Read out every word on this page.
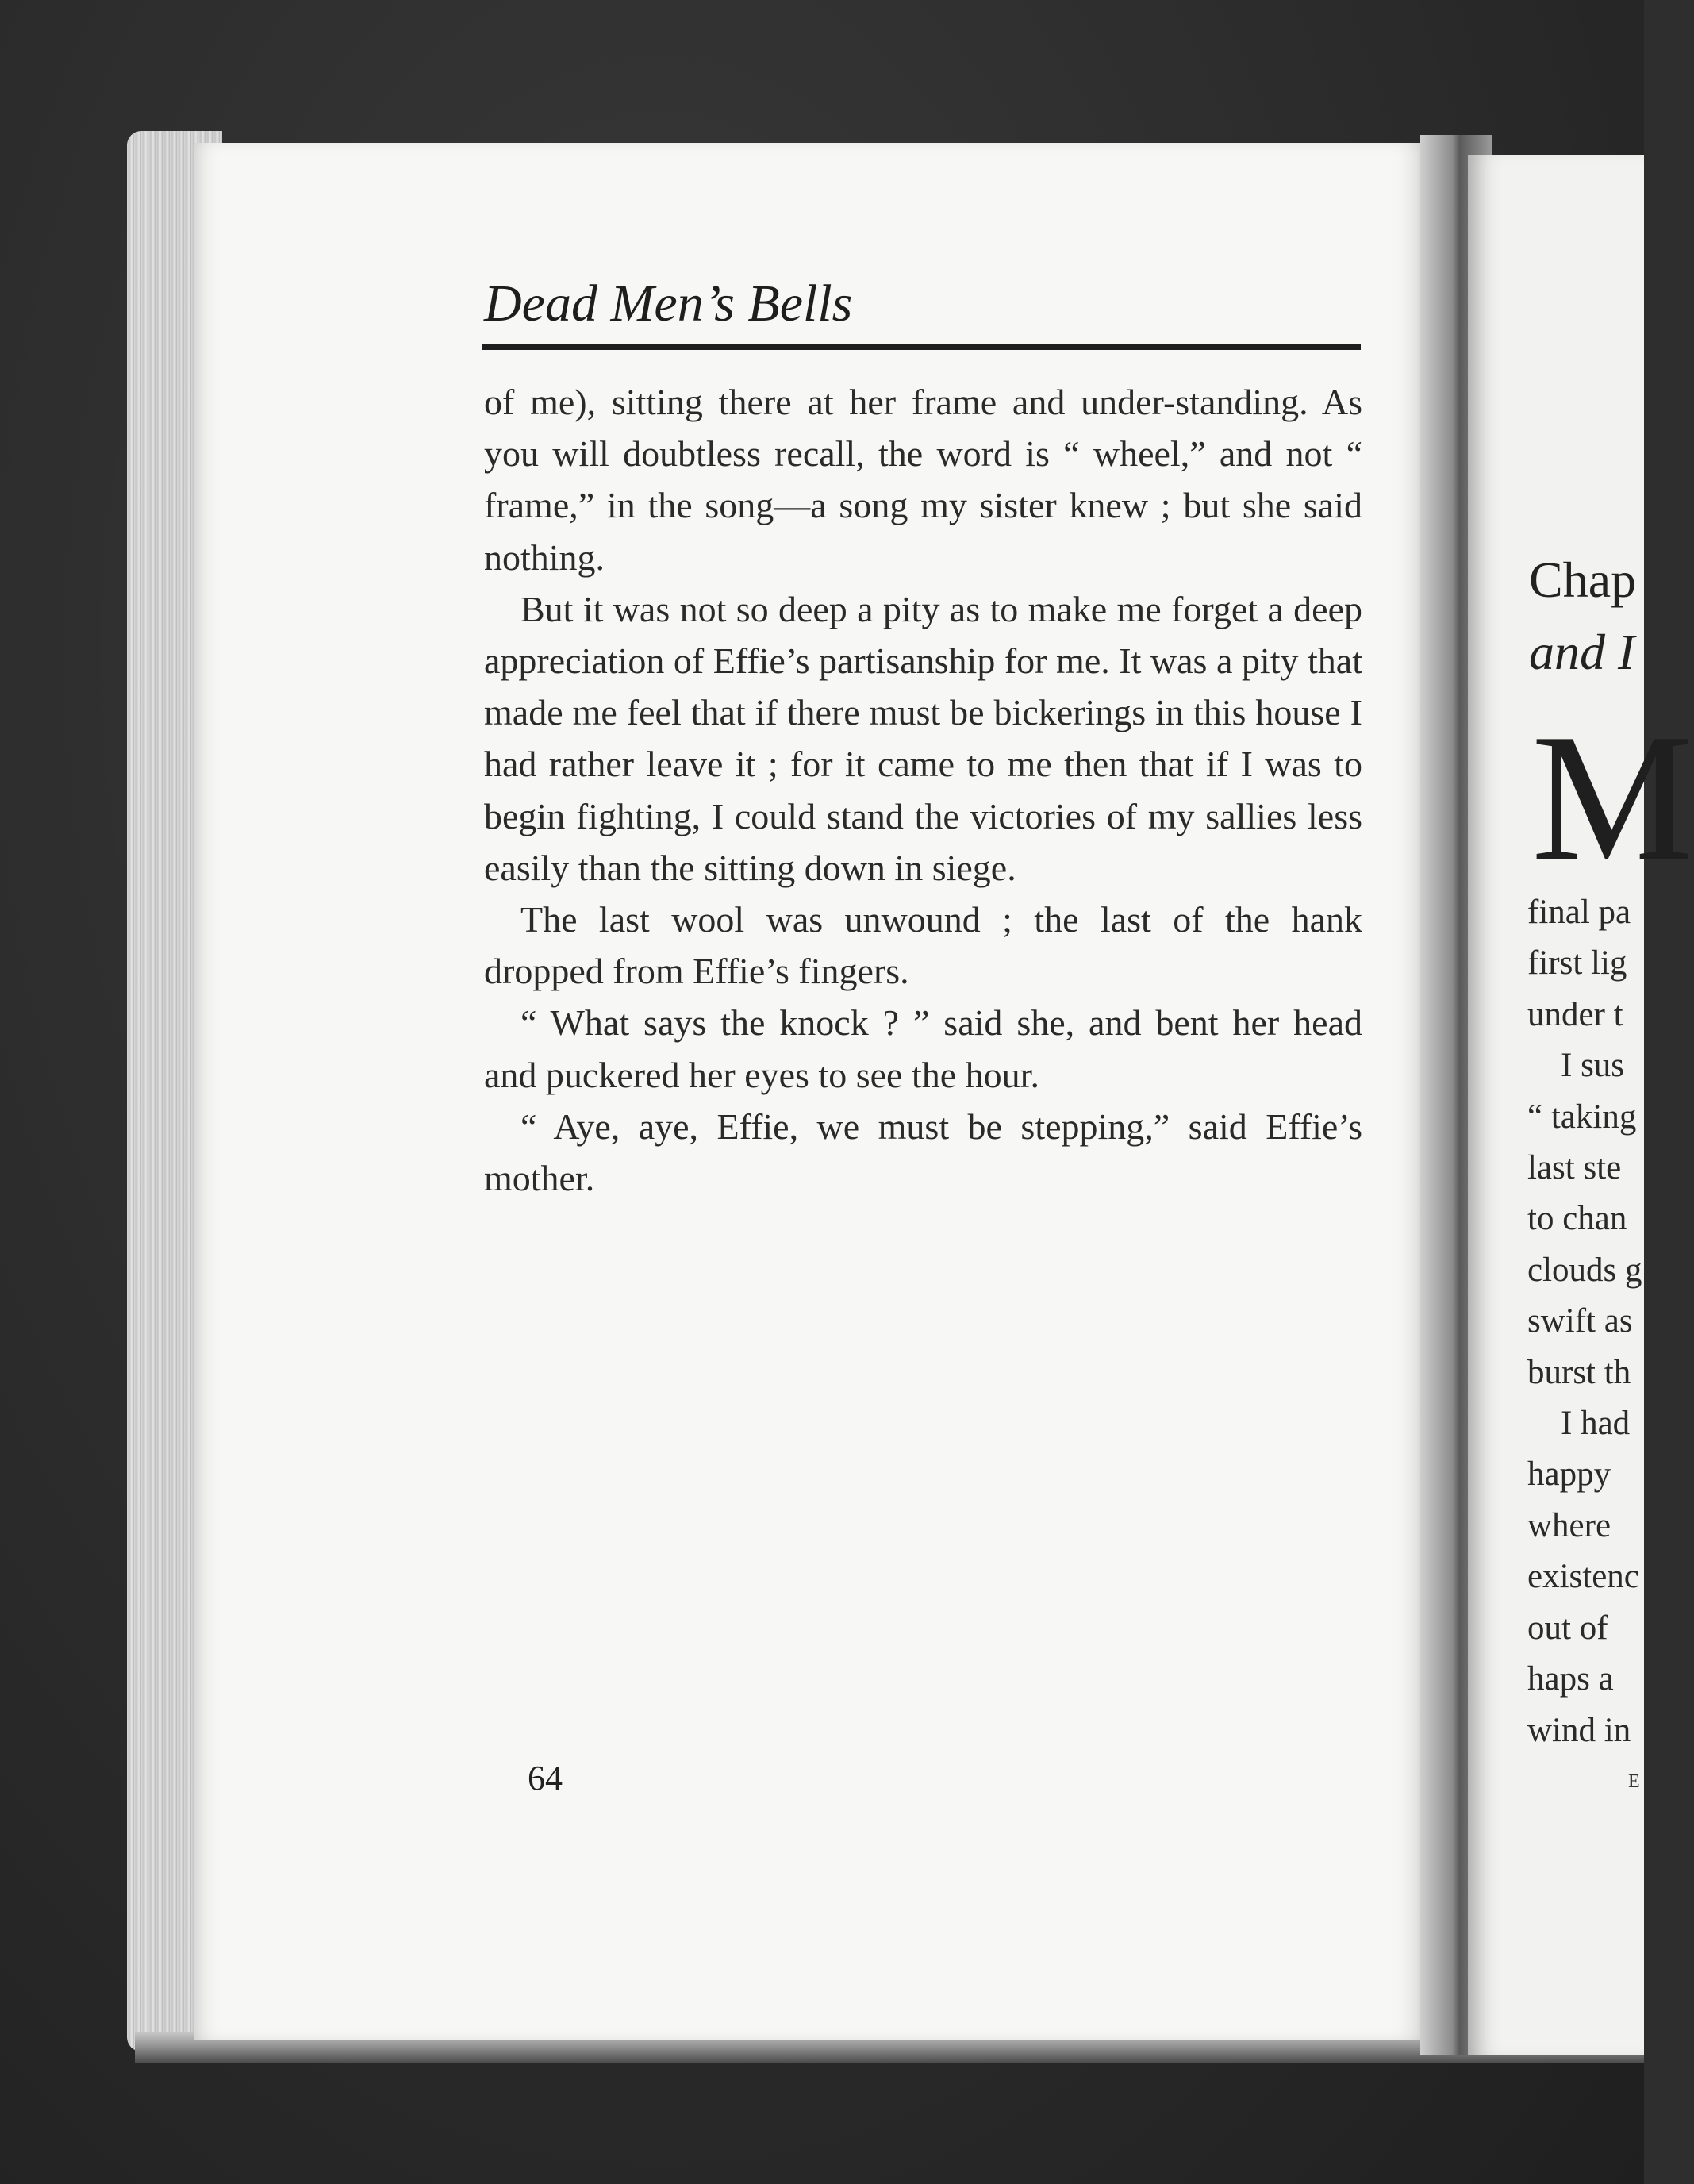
Dead Men’s Bells

of me), sitting there at her frame and under-standing. As you will doubtless recall, the word is “ wheel,” and not “ frame,” in the song—a song my sister knew ; but she said nothing.

But it was not so deep a pity as to make me forget a deep appreciation of Effie’s partisanship for me. It was a pity that made me feel that if there must be bickerings in this house I had rather leave it ; for it came to me then that if I was to begin fighting, I could stand the victories of my sallies less easily than the sitting down in siege.

The last wool was unwound ; the last of the hank dropped from Effie’s fingers.

“ What says the knock ? ” said she, and bent her head and puckered her eyes to see the hour.

“ Aye, aye, Effie, we must be stepping,” said Effie’s mother.

64
Chap
and I
M
final pa
first lig
under t
I sus
“ taking
last ste
to chan
clouds g
swift as
burst th
I had
happy
where
existenc
out of
haps a
wind in
E
